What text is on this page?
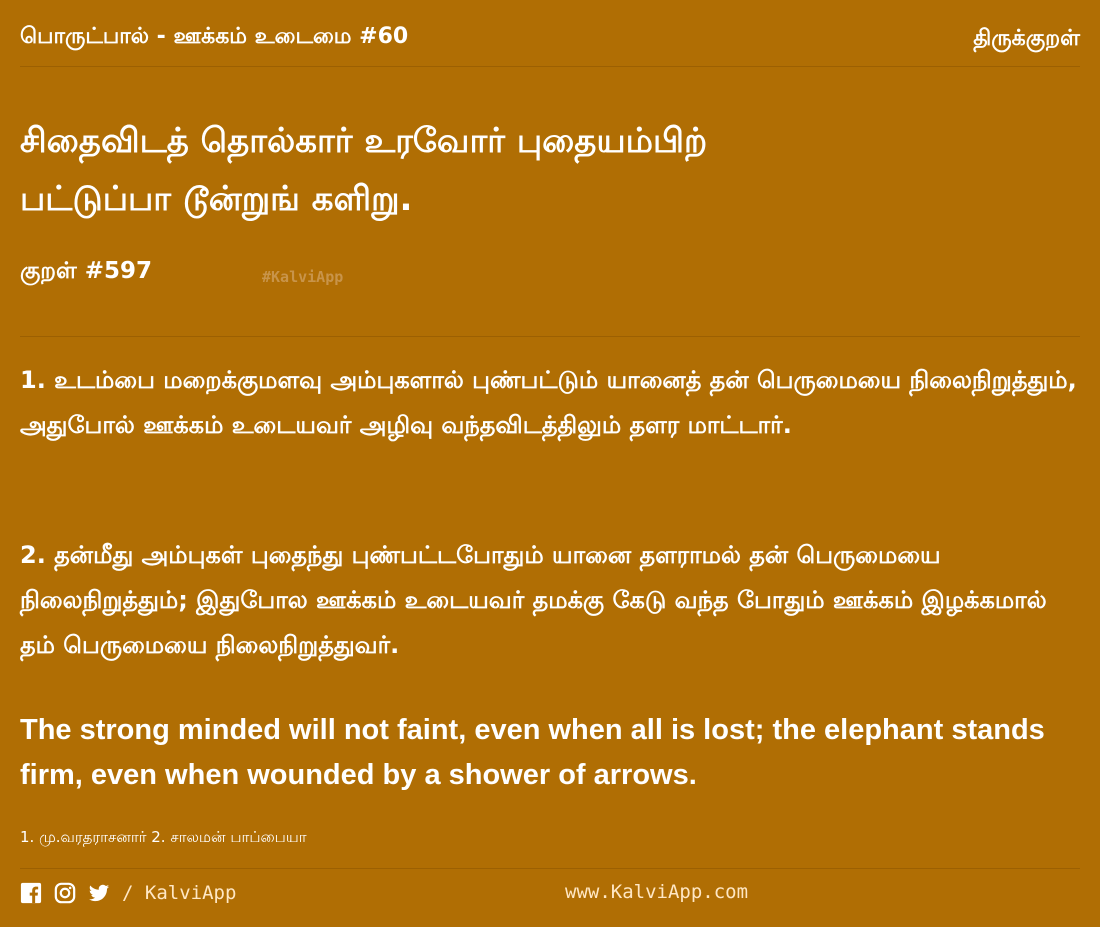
பொருட்பால் - ஊக்கம் உடைமை #60	திருக்குறள்
சிதைவிடத் தொல்கார் உரவோர் புதையம்பிற்
பட்டுப்பா டூன்றுங் களிறு.
குறள் #597	#KalviApp
1. உடம்பை மறைக்குமளவு அம்புகளால் புண்பட்டும் யானைத் தன் பெருமையை நிலைநிறுத்தும், அதுபோல் ஊக்கம் உடையவர் அழிவு வந்தவிடத்திலும் தளர மாட்டார்.
2. தன்மீது அம்புகள் புதைந்து புண்பட்டபோதும் யானை தளராமல் தன் பெருமையை நிலைநிறுத்தும்; இதுபோல ஊக்கம் உடையவர் தமக்கு கேடு வந்த போதும் ஊக்கம் இழக்கமால் தம் பெருமையை நிலைநிறுத்துவர்.
The strong minded will not faint, even when all is lost; the elephant stands firm, even when wounded by a shower of arrows.
1. மு.வரதராசனார் 2. சாலமன் பாப்பையா
/ KalviApp	www.KalviApp.com
